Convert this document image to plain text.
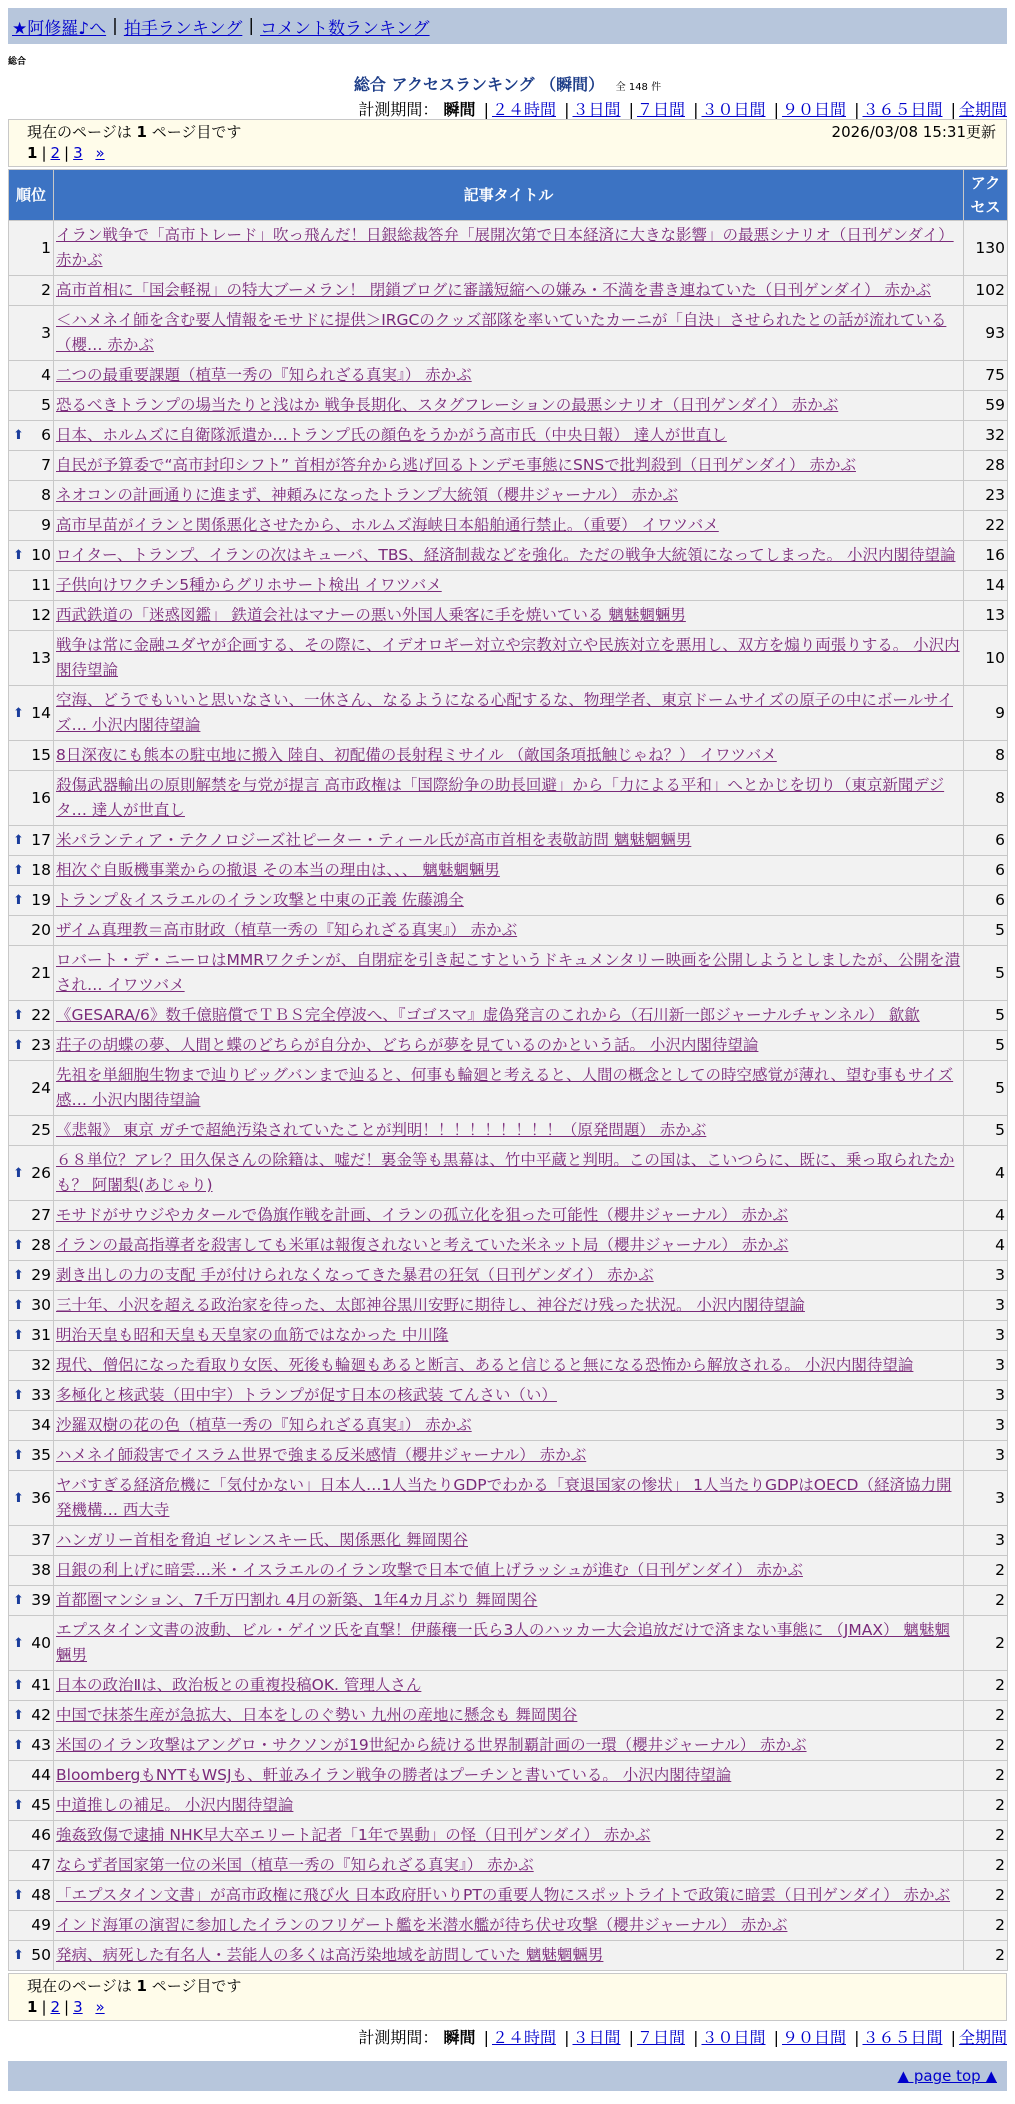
★阿修羅♪へ | 拍手ランキング | コメント数ランキング
総合
総合 アクセスランキング （瞬間） 全 148 件
計測期間： 瞬間 | ２４時間 | ３日間 | ７日間 | ３０日間 | ９０日間 | ３６５日間 | 全期間
現在のページは 1 ページ目です	2026/03/08 15:31更新
1 | 2 | 3 »
順位	記事タイトル	アクセス
1	イラン戦争で「高市トレード」吹っ飛んだ！日銀総裁答弁「展開次第で日本経済に大きな影響」の最悪シナリオ（日刊ゲンダイ） 赤かぶ	130
2	高市首相に「国会軽視」の特大ブーメラン！ 閉鎖ブログに審議短縮への嫌み・不満を書き連ねていた（日刊ゲンダイ） 赤かぶ	102
3	＜ハメネイ師を含む要人情報をモサドに提供＞IRGCのクッズ部隊を率いていたカーニが「自決」させられたとの話が流れている（櫻… 赤かぶ	93
4	二つの最重要課題（植草一秀の『知られざる真実』） 赤かぶ	75
5	恐るべきトランプの場当たりと浅はか 戦争長期化、スタグフレーションの最悪シナリオ（日刊ゲンダイ） 赤かぶ	59

⬆ 6	日本、ホルムズに自衛隊派遣か…トランプ氏の顔色をうかがう高市氏（中央日報） 達人が世直し	32
7	自民が予算委で“高市封印シフト” 首相が答弁から逃げ回るトンデモ事態にSNSで批判殺到（日刊ゲンダイ） 赤かぶ	28
8	ネオコンの計画通りに進まず、神頼みになったトランプ大統領（櫻井ジャーナル） 赤かぶ	23
9	高市早苗がイランと関係悪化させたから、ホルムズ海峡日本船舶通行禁止。（重要） イワツバメ	22

⬆ 10	ロイター、トランプ、イランの次はキューバ、TBS、経済制裁などを強化。ただの戦争大統領になってしまった。 小沢内閣待望論	16
11	子供向けワクチン5種からグリホサート検出 イワツバメ	14
12	西武鉄道の「迷惑図鑑」 鉄道会社はマナーの悪い外国人乗客に手を焼いている 魑魅魍魎男	13
13	戦争は常に金融ユダヤが企画する、その際に、イデオロギー対立や宗教対立や民族対立を悪用し、双方を煽り両張りする。 小沢内閣待望論	10

⬆ 14	空海、どうでもいいと思いなさい、一休さん、なるようになる心配するな、物理学者、東京ドームサイズの原子の中にボールサイズ… 小沢内閣待望論	9
15	8日深夜にも熊本の駐屯地に搬入 陸自、初配備の長射程ミサイル （敵国条項抵触じゃね？） イワツバメ	8
16	殺傷武器輸出の原則解禁を与党が提言 高市政権は「国際紛争の助長回避」から「力による平和」へとかじを切り（東京新聞デジタ… 達人が世直し	8

⬆ 17	米パランティア・テクノロジーズ社ピーター・ティール氏が高市首相を表敬訪問 魑魅魍魎男	6

⬆ 18	相次ぐ自販機事業からの撤退 その本当の理由は、、、 魑魅魍魎男	6

⬆ 19	トランプ＆イスラエルのイラン攻撃と中東の正義 佐藤鴻全	6
20	ザイム真理教＝高市財政（植草一秀の『知られざる真実』） 赤かぶ	5
21	ロバート・デ・ニーロはMMRワクチンが、自閉症を引き起こすというドキュメンタリー映画を公開しようとしましたが、公開を潰され… イワツバメ	5

⬆ 22	《GESARA/6》数千億賠償でＴＢＳ完全停波へ、『ゴゴスマ』虚偽発言のこれから（石川新一郎ジャーナルチャンネル） 歙歙	5

⬆ 23	荘子の胡蝶の夢、人間と蝶のどちらが自分か、どちらが夢を見ているのかという話。 小沢内閣待望論	5
24	先祖を単細胞生物まで辿りビッグバンまで辿ると、何事も輪廻と考えると、人間の概念としての時空感覚が薄れ、望む事もサイズ感… 小沢内閣待望論	5
25	《悲報》 東京 ガチで超絶汚染されていたことが判明！！！！！！！！！（原発問題） 赤かぶ	5

⬆ 26	６８単位？アレ？田久保さんの除籍は、嘘だ！裏金等も黒幕は、竹中平蔵と判明。この国は、こいつらに、既に、乗っ取られたかも？ 阿闍梨(あじゃり)	4
27	モサドがサウジやカタールで偽旗作戦を計画、イランの孤立化を狙った可能性（櫻井ジャーナル） 赤かぶ	4

⬆ 28	イランの最高指導者を殺害しても米軍は報復されないと考えていた米ネット局（櫻井ジャーナル） 赤かぶ	4

⬆ 29	剥き出しの力の支配 手が付けられなくなってきた暴君の狂気（日刊ゲンダイ） 赤かぶ	3

⬆ 30	三十年、小沢を超える政治家を待った、太郎神谷黒川安野に期待し、神谷だけ残った状況。 小沢内閣待望論	3

⬆ 31	明治天皇も昭和天皇も天皇家の血筋ではなかった 中川隆	3
32	現代、僧侶になった看取り女医、死後も輪廻もあると断言、あると信じると無になる恐怖から解放される。 小沢内閣待望論	3

⬆ 33	多極化と核武装（田中宇）トランプが促す日本の核武装 てんさい（い）	3
34	沙羅双樹の花の色（植草一秀の『知られざる真実』） 赤かぶ	3

⬆ 35	ハメネイ師殺害でイスラム世界で強まる反米感情（櫻井ジャーナル） 赤かぶ	3

⬆ 36	ヤバすぎる経済危機に「気付かない」日本人…1人当たりGDPでわかる「衰退国家の惨状」 1人当たりGDPはOECD（経済協力開発機構… 西大寺	3
37	ハンガリー首相を脅迫 ゼレンスキー氏、関係悪化 舞岡関谷	3
38	日銀の利上げに暗雲…米・イスラエルのイラン攻撃で日本で値上げラッシュが進む（日刊ゲンダイ） 赤かぶ	2

⬆ 39	首都圏マンション、7千万円割れ 4月の新築、1年4カ月ぶり 舞岡関谷	2

⬆ 40	エプスタイン文書の波動、ビル・ゲイツ氏を直撃！伊藤穰一氏ら3人のハッカー大会追放だけで済まない事態に （JMAX） 魑魅魍魎男	2

⬆ 41	日本の政治Ⅱは、政治板との重複投稿OK. 管理人さん	2

⬆ 42	中国で抹茶生産が急拡大、日本をしのぐ勢い 九州の産地に懸念も 舞岡関谷	2

⬆ 43	米国のイラン攻撃はアングロ・サクソンが19世紀から続ける世界制覇計画の一環（櫻井ジャーナル） 赤かぶ	2
44	BloombergもNYTもWSJも、軒並みイラン戦争の勝者はプーチンと書いている。 小沢内閣待望論	2

⬆ 45	中道推しの補足。 小沢内閣待望論	2
46	強姦致傷で逮捕 NHK早大卒エリート記者「1年で異動」の怪（日刊ゲンダイ） 赤かぶ	2
47	ならず者国家第一位の米国（植草一秀の『知られざる真実』） 赤かぶ	2

⬆ 48	「エプスタイン文書」が高市政権に飛び火 日本政府肝いりPTの重要人物にスポットライトで政策に暗雲（日刊ゲンダイ） 赤かぶ	2
49	インド海軍の演習に参加したイランのフリゲート艦を米潜水艦が待ち伏せ攻撃（櫻井ジャーナル） 赤かぶ	2

⬆ 50	発病、病死した有名人・芸能人の多くは高汚染地域を訪問していた 魑魅魍魎男	2
現在のページは 1 ページ目です
1 | 2 | 3 »
計測期間： 瞬間 | ２４時間 | ３日間 | ７日間 | ３０日間 | ９０日間 | ３６５日間 | 全期間
▲ page top ▲
